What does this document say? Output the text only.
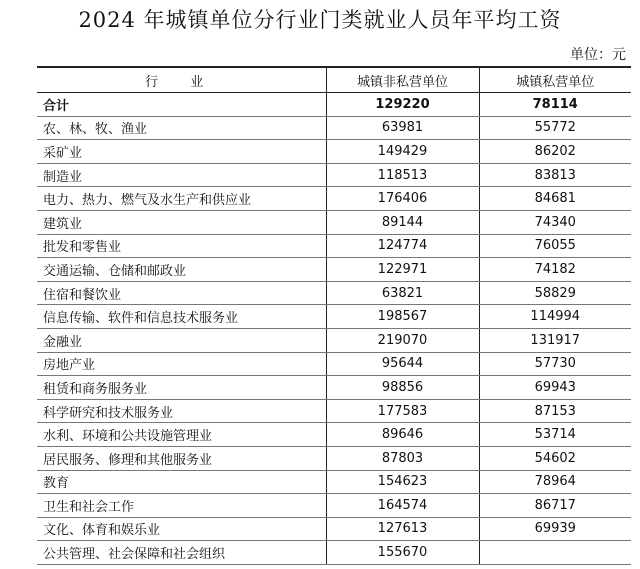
2024 年城镇单位分行业门类就业人员年平均工资
单位：元
行 业	城镇非私营单位	城镇私营单位
合计	129220	78114
农、林、牧、渔业	63981	55772
采矿业	149429	86202
制造业	118513	83813
电力、热力、燃气及水生产和供应业	176406	84681
建筑业	89144	74340
批发和零售业	124774	76055
交通运输、仓储和邮政业	122971	74182
住宿和餐饮业	63821	58829
信息传输、软件和信息技术服务业	198567	114994
金融业	219070	131917
房地产业	95644	57730
租赁和商务服务业	98856	69943
科学研究和技术服务业	177583	87153
水利、环境和公共设施管理业	89646	53714
居民服务、修理和其他服务业	87803	54602
教育	154623	78964
卫生和社会工作	164574	86717
文化、体育和娱乐业	127613	69939
公共管理、社会保障和社会组织	155670	
